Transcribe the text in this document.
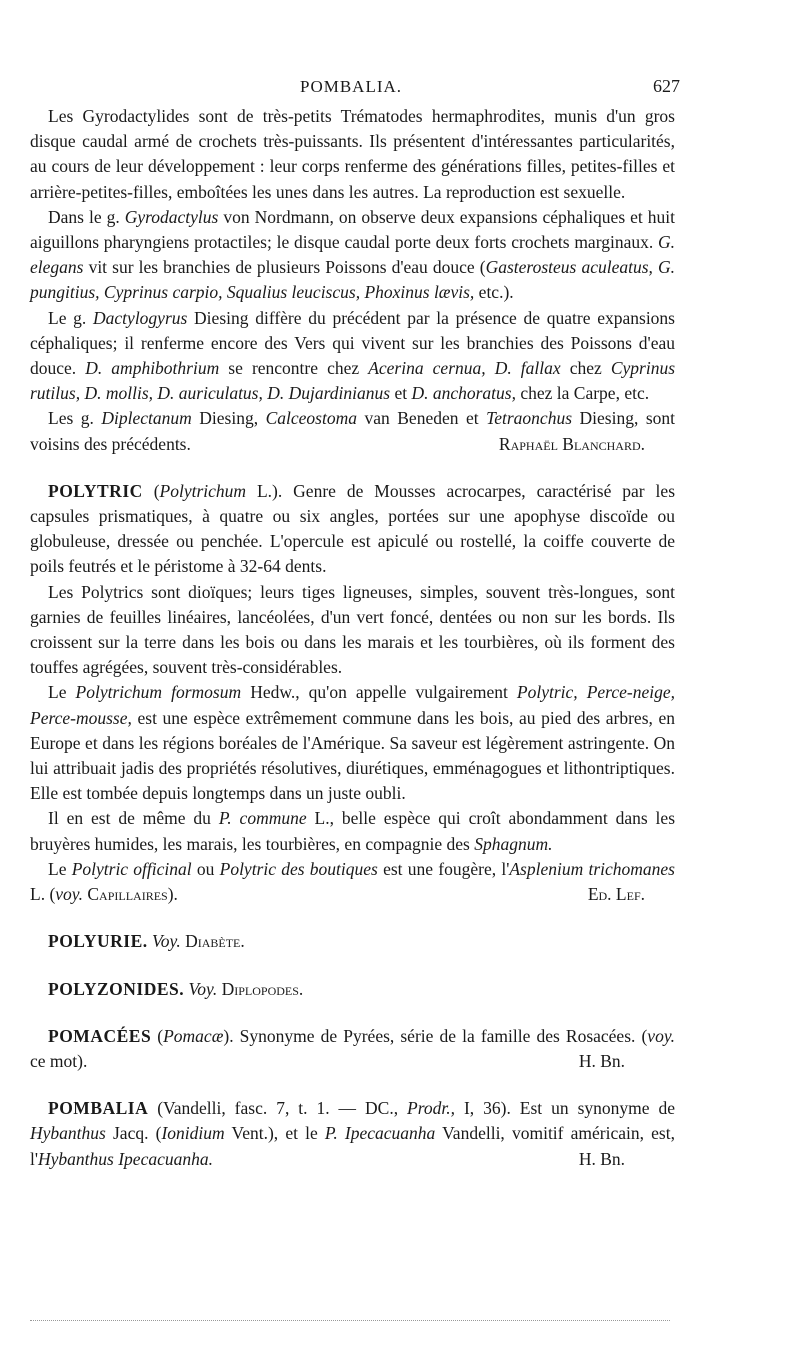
POMBALIA.	627

Les Gyrodactylides sont de très-petits Trématodes hermaphrodites, munis d'un gros disque caudal armé de crochets très-puissants. Ils présentent d'intéressantes particularités, au cours de leur développement : leur corps renferme des générations filles, petites-filles et arrière-petites-filles, emboîtées les unes dans les autres. La reproduction est sexuelle.

Dans le g. Gyrodactylus von Nordmann, on observe deux expansions céphaliques et huit aiguillons pharyngiens protactiles; le disque caudal porte deux forts crochets marginaux. G. elegans vit sur les branchies de plusieurs Poissons d'eau douce (Gasterosteus aculeatus, G. pungitius, Cyprinus carpio, Squalius leuciscus, Phoxinus lævis, etc.).

Le g. Dactylogyrus Diesing diffère du précédent par la présence de quatre expansions céphaliques; il renferme encore des Vers qui vivent sur les branchies des Poissons d'eau douce. D. amphibothrium se rencontre chez Acerina cernua, D. fallax chez Cyprinus rutilus, D. mollis, D. auriculatus, D. Dujardinianus et D. anchoratus, chez la Carpe, etc.

Les g. Diplectanum Diesing, Calceostoma van Beneden et Tetraonchus Diesing, sont voisins des précédents.	Raphaël Blanchard.

POLYTRIC (Polytrichum L.). Genre de Mousses acrocarpes, caractérisé par les capsules prismatiques, à quatre ou six angles, portées sur une apophyse discoïde ou globuleuse, dressée ou penchée. L'opercule est apiculé ou rostellé, la coiffe couverte de poils feutrés et le péristome à 32-64 dents.

Les Polytrics sont dioïques; leurs tiges ligneuses, simples, souvent très-longues, sont garnies de feuilles linéaires, lancéolées, d'un vert foncé, dentées ou non sur les bords. Ils croissent sur la terre dans les bois ou dans les marais et les tourbières, où ils forment des touffes agrégées, souvent très-considérables.

Le Polytrichum formosum Hedw., qu'on appelle vulgairement Polytric, Perce-neige, Perce-mousse, est une espèce extrêmement commune dans les bois, au pied des arbres, en Europe et dans les régions boréales de l'Amérique. Sa saveur est légèrement astringente. On lui attribuait jadis des propriétés résolutives, diurétiques, emménagogues et lithontriptiques. Elle est tombée depuis longtemps dans un juste oubli.

Il en est de même du P. commune L., belle espèce qui croît abondamment dans les bruyères humides, les marais, les tourbières, en compagnie des Sphagnum.

Le Polytric officinal ou Polytric des boutiques est une fougère, l'Asplenium trichomanes L. (voy. Capillaires).	Ed. Lef.

POLYURIE. Voy. Diabète.

POLYZONIDES. Voy. Diplopodes.

POMACÉES (Pomacæ). Synonyme de Pyrées, série de la famille des Rosacées. (voy. ce mot).	H. Bn.

POMBALIA (Vandelli, fasc. 7, t. 1. — DC., Prodr., I, 36). Est un synonyme de Hybanthus Jacq. (Ionidium Vent.), et le P. Ipecacuanha Vandelli, vomitif américain, est, l'Hybanthus Ipecacuanha.	H. Bn.
